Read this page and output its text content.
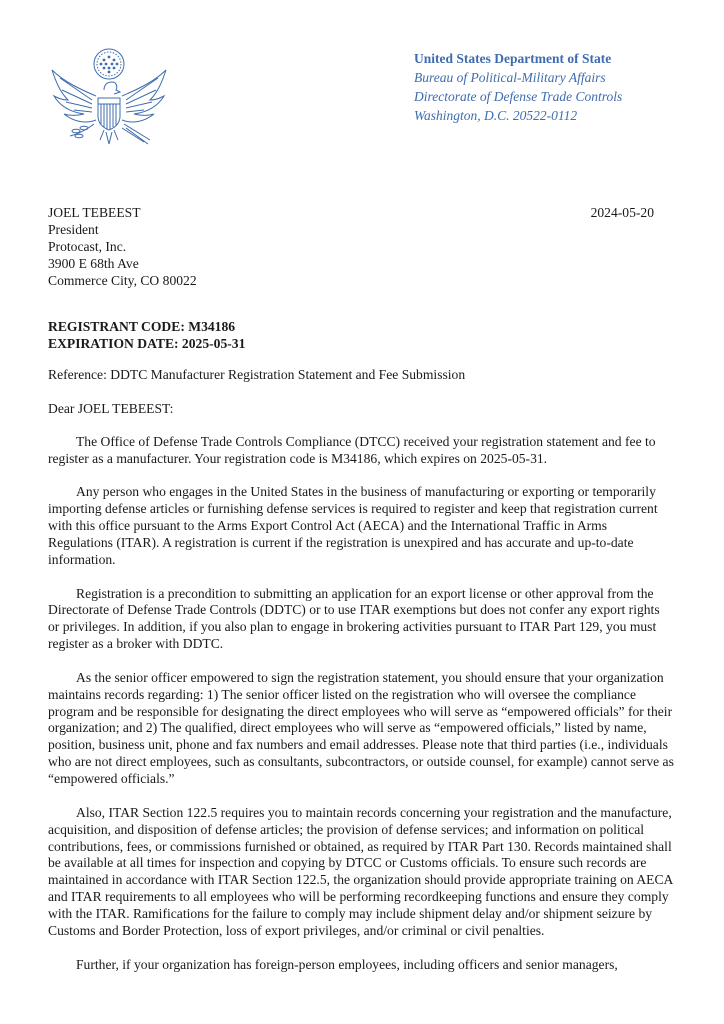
United States Department of State
Bureau of Political-Military Affairs
Directorate of Defense Trade Controls
Washington, D.C. 20522-0112
JOEL TEBEEST
President
Protocast, Inc.
3900 E 68th Ave
Commerce City, CO 80022
2024-05-20
REGISTRANT CODE: M34186
EXPIRATION DATE: 2025-05-31

Reference: DDTC Manufacturer Registration Statement and Fee Submission

Dear JOEL TEBEEST:

The Office of Defense Trade Controls Compliance (DTCC) received your registration statement and fee to register as a manufacturer. Your registration code is M34186, which expires on 2025-05-31.

Any person who engages in the United States in the business of manufacturing or exporting or temporarily importing defense articles or furnishing defense services is required to register and keep that registration current with this office pursuant to the Arms Export Control Act (AECA) and the International Traffic in Arms Regulations (ITAR). A registration is current if the registration is unexpired and has accurate and up-to-date information.

Registration is a precondition to submitting an application for an export license or other approval from the Directorate of Defense Trade Controls (DDTC) or to use ITAR exemptions but does not confer any export rights or privileges. In addition, if you also plan to engage in brokering activities pursuant to ITAR Part 129, you must register as a broker with DDTC.

As the senior officer empowered to sign the registration statement, you should ensure that your organization maintains records regarding: 1) The senior officer listed on the registration who will oversee the compliance program and be responsible for designating the direct employees who will serve as “empowered officials” for their organization; and 2) The qualified, direct employees who will serve as “empowered officials,” listed by name, position, business unit, phone and fax numbers and email addresses. Please note that third parties (i.e., individuals who are not direct employees, such as consultants, subcontractors, or outside counsel, for example) cannot serve as “empowered officials.”

Also, ITAR Section 122.5 requires you to maintain records concerning your registration and the manufacture, acquisition, and disposition of defense articles; the provision of defense services; and information on political contributions, fees, or commissions furnished or obtained, as required by ITAR Part 130. Records maintained shall be available at all times for inspection and copying by DTCC or Customs officials. To ensure such records are maintained in accordance with ITAR Section 122.5, the organization should provide appropriate training on AECA and ITAR requirements to all employees who will be performing recordkeeping functions and ensure they comply with the ITAR. Ramifications for the failure to comply may include shipment delay and/or shipment seizure by Customs and Border Protection, loss of export privileges, and/or criminal or civil penalties.

Further, if your organization has foreign-person employees, including officers and senior managers,
